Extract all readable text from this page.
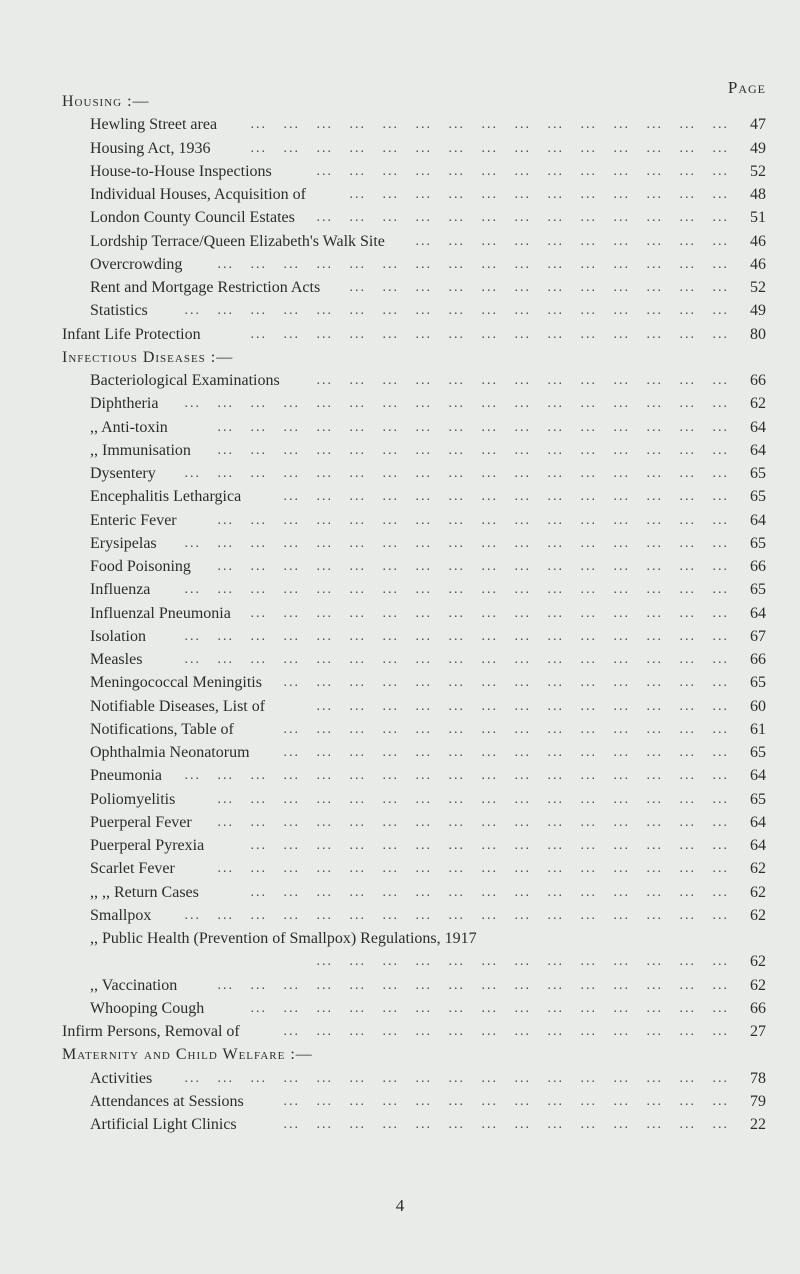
Page
Housing :—
Hewling Street area ...   ...   ...   ...   ...   ...   ...   ...   ...   ...   ...   ...   ...   ...   ... 47
Housing Act, 1936 ...   ...   ...   ...   ...   ...   ...   ...   ...   ...   ...   ...   ...   ...   ... 49
House-to-House Inspections	...   ...   ...   ...   ...   ...   ...   ...   ...   ...   ...   ...   ... 52
Individual Houses, Acquisition of	...   ...   ...   ...   ...   ...   ...   ...   ...   ...   ...   ... 48
London County Council Estates ...   ...   ...   ...   ...   ...   ...   ...   ...   ...   ...   ...   ... 51
Lordship Terrace/Queen Elizabeth's Walk Site ...   ...   ...   ...   ...   ...   ...   ...   ...   ... 46
Overcrowding ...   ...   ...   ...   ...   ...   ...   ...   ...   ...   ...   ...   ...   ...   ...   ... 46
Rent and Mortgage Restriction Acts ...   ...   ...   ...   ...   ...   ...   ...   ...   ...   ...   ... 52
Statistics ...   ...   ...   ...   ...   ...   ...   ...   ...   ...   ...   ...   ...   ...   ...   ...   ... 49
Infant Life Protection	...   ...   ...   ...   ...   ...   ...   ...   ...   ...   ...   ...   ...   ...   ... 80
Infectious Diseases :—
Bacteriological Examinations ...   ...   ...   ...   ...   ...   ...   ...   ...   ...   ...   ...   ... 66
Diphtheria ...   ...   ...   ...   ...   ...   ...   ...   ...   ...   ...   ...   ...   ...   ...   ...   ... 62
,, Anti-toxin	...   ...   ...   ...   ...   ...   ...   ...   ...   ...   ...   ...   ...   ...   ...   ... 64
,, Immunisation ...   ...   ...   ...   ...   ...   ...   ...   ...   ...   ...   ...   ...   ...   ...   ... 64
Dysentery ...   ...   ...   ...   ...   ...   ...   ...   ...   ...   ...   ...   ...   ...   ...   ...   ... 65
Encephalitis Lethargica	...   ...   ...   ...   ...   ...   ...   ...   ...   ...   ...   ...   ...   ... 65
Enteric Fever	...   ...   ...   ...   ...   ...   ...   ...   ...   ...   ...   ...   ...   ...   ...   ... 64
Erysipelas ...   ...   ...   ...   ...   ...   ...   ...   ...   ...   ...   ...   ...   ...   ...   ...   ... 65
Food Poisoning ...   ...   ...   ...   ...   ...   ...   ...   ...   ...   ...   ...   ...   ...   ...   ... 66
Influenza ...   ...   ...   ...   ...   ...   ...   ...   ...   ...   ...   ...   ...   ...   ...   ...   ... 65
Influenzal Pneumonia ...   ...   ...   ...   ...   ...   ...   ...   ...   ...   ...   ...   ...   ...   ... 64
Isolation ...   ...   ...   ...   ...   ...   ...   ...   ...   ...   ...   ...   ...   ...   ...   ...   ... 67
Measles	...   ...   ...   ...   ...   ...   ...   ...   ...   ...   ...   ...   ...   ...   ...   ...   ... 66
Meningococcal Meningitis ...   ...   ...   ...   ...   ...   ...   ...   ...   ...   ...   ...   ...   ... 65
Notifiable Diseases, List of	...   ...   ...   ...   ...   ...   ...   ...   ...   ...   ...   ...   ... 60
Notifications, Table of	...   ...   ...   ...   ...   ...   ...   ...   ...   ...   ...   ...   ...   ... 61
Ophthalmia Neonatorum ...   ...   ...   ...   ...   ...   ...   ...   ...   ...   ...   ...   ...   ... 65
Pneumonia ...   ...   ...   ...   ...   ...   ...   ...   ...   ...   ...   ...   ...   ...   ...   ...   ... 64
Poliomyelitis	...   ...   ...   ...   ...   ...   ...   ...   ...   ...   ...   ...   ...   ...   ...   ... 65
Puerperal Fever ...   ...   ...   ...   ...   ...   ...   ...   ...   ...   ...   ...   ...   ...   ...   ... 64
Puerperal Pyrexia	...   ...   ...   ...   ...   ...   ...   ...   ...   ...   ...   ...   ...   ...   ... 64
Scarlet Fever	...   ...   ...   ...   ...   ...   ...   ...   ...   ...   ...   ...   ...   ...   ...   ... 62
,, ,, Return Cases	...   ...   ...   ...   ...   ...   ...   ...   ...   ...   ...   ...   ...   ...   ... 62
Smallpox ...   ...   ...   ...   ...   ...   ...   ...   ...   ...   ...   ...   ...   ...   ...   ...   ... 62
,, Public Health (Prevention of Smallpox) Regulations, 1917
...   ...   ...   ...   ...   ...   ...   ...   ...   ...   ...   ...   ... 62
,, Vaccination ...   ...   ...   ...   ...   ...   ...   ...   ...   ...   ...   ...   ...   ...   ...   ... 62
Whooping Cough	...   ...   ...   ...   ...   ...   ...   ...   ...   ...   ...   ...   ...   ...   ... 66
Infirm Persons, Removal of	...   ...   ...   ...   ...   ...   ...   ...   ...   ...   ...   ...   ...   ... 27
Maternity and Child Welfare :—
Activities ...   ...   ...   ...   ...   ...   ...   ...   ...   ...   ...   ...   ...   ...   ...   ...   ... 78
Attendances at Sessions ...   ...   ...   ...   ...   ...   ...   ...   ...   ...   ...   ...   ...   ... 79
Artificial Light Clinics	...   ...   ...   ...   ...   ...   ...   ...   ...   ...   ...   ...   ...   ... 22
4
